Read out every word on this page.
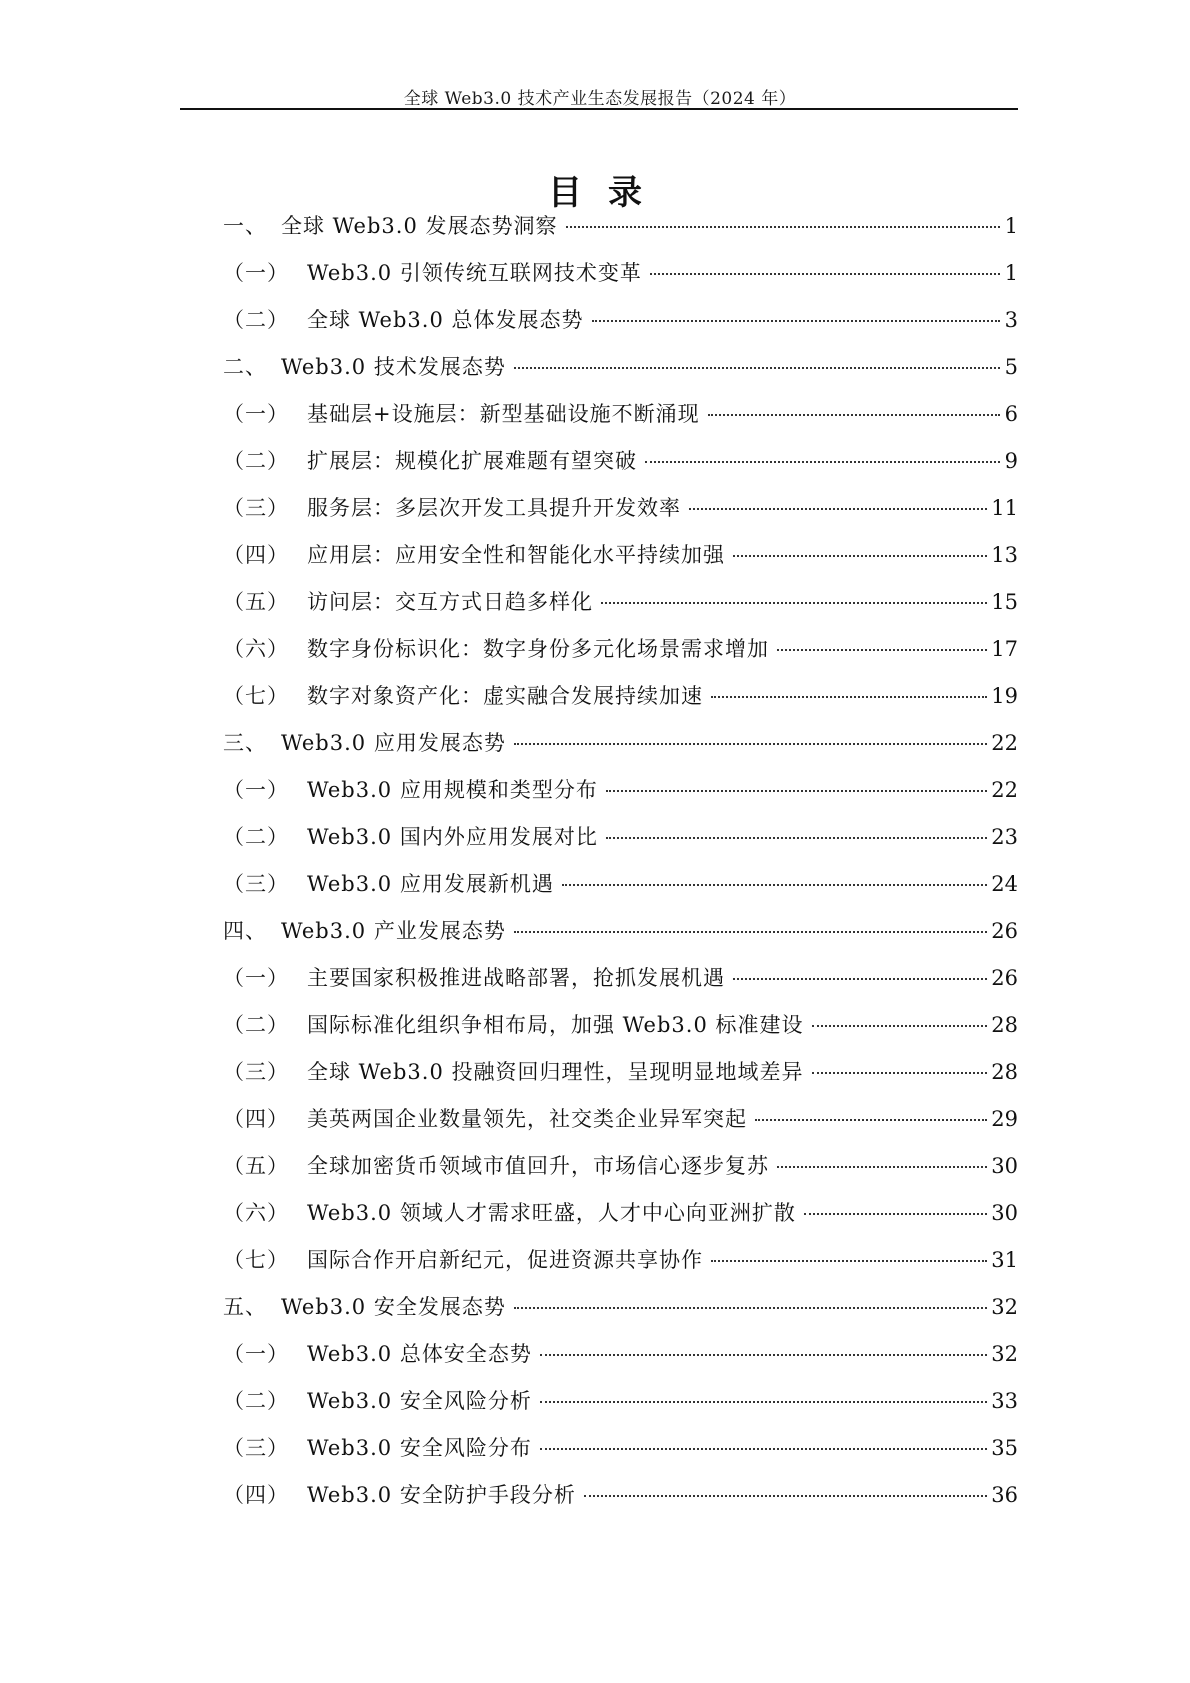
全球 Web3.0 技术产业生态发展报告（2024 年）
目录
一、 全球 Web3.0 发展态势洞察	1
（一） Web3.0 引领传统互联网技术变革	1
（二） 全球 Web3.0 总体发展态势	3
二、 Web3.0 技术发展态势	5
（一） 基础层+设施层：新型基础设施不断涌现	6
（二） 扩展层：规模化扩展难题有望突破	9
（三） 服务层：多层次开发工具提升开发效率	11
（四） 应用层：应用安全性和智能化水平持续加强	13
（五） 访问层：交互方式日趋多样化	15
（六） 数字身份标识化：数字身份多元化场景需求增加	17
（七） 数字对象资产化：虚实融合发展持续加速	19
三、 Web3.0 应用发展态势	22
（一） Web3.0 应用规模和类型分布	22
（二） Web3.0 国内外应用发展对比	23
（三） Web3.0 应用发展新机遇	24
四、 Web3.0 产业发展态势	26
（一） 主要国家积极推进战略部署，抢抓发展机遇	26
（二） 国际标准化组织争相布局，加强 Web3.0 标准建设	28
（三） 全球 Web3.0 投融资回归理性，呈现明显地域差异	28
（四） 美英两国企业数量领先，社交类企业异军突起	29
（五） 全球加密货币领域市值回升，市场信心逐步复苏	30
（六） Web3.0 领域人才需求旺盛，人才中心向亚洲扩散	30
（七） 国际合作开启新纪元，促进资源共享协作	31
五、 Web3.0 安全发展态势	32
（一） Web3.0 总体安全态势	32
（二） Web3.0 安全风险分析	33
（三） Web3.0 安全风险分布	35
（四） Web3.0 安全防护手段分析	36
